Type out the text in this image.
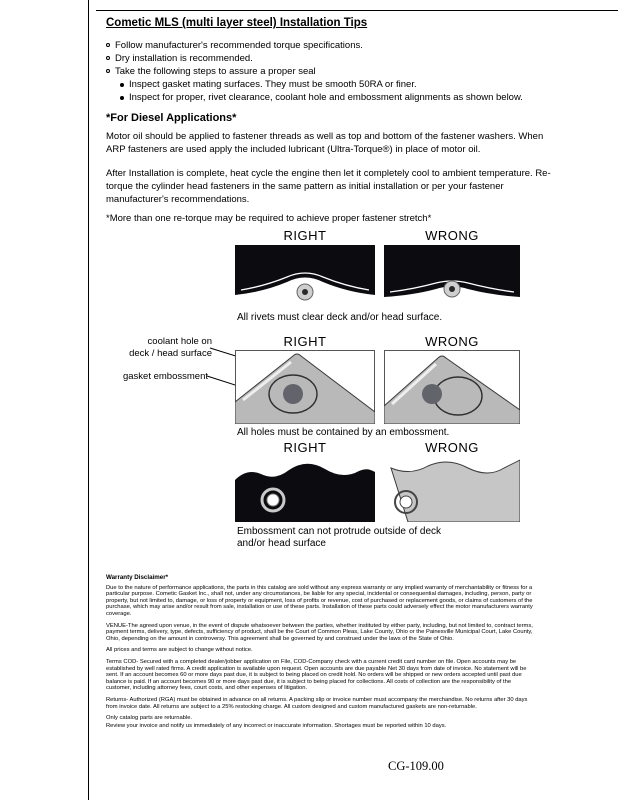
Cometic MLS (multi layer steel) Installation Tips
Follow manufacturer's recommended torque specifications.
Dry installation is recommended.
Take the following steps to assure a proper seal
Inspect gasket mating surfaces. They must be smooth 50RA or finer.
Inspect for proper, rivet clearance, coolant hole and embossment alignments as shown below.
*For Diesel Applications*

Motor oil should be applied to fastener threads as well as top and bottom of the fastener washers. When ARP fasteners are used apply the included lubricant (Ultra-Torque®) in place of motor oil.

After Installation is complete, heat cycle the engine then let it completely cool to ambient temperature. Re-torque the cylinder head fasteners in the same pattern as initial installation or per your fastener manufacturer's recommendations.

*More than one re-torque may be required to achieve proper fastener stretch*
RIGHT	WRONG
All rivets must clear deck and/or head surface.
RIGHT	WRONG
coolant hole on
deck / head surface
gasket embossment
All holes must be contained by an embossment.
RIGHT	WRONG
Embossment can not protrude outside of deck and/or head surface
Warranty Disclaimer*

Due to the nature of performance applications, the parts in this catalog are sold without any express warranty or any implied warranty of merchantability or fitness for a particular purpose. Cometic Gasket Inc., shall not, under any circumstances, be liable for any special, incidental or consequential damages, including, person, party or property, but not limited to, damage, or loss of property or equipment, loss of profits or revenue, cost of purchased or replacement goods, or claims of customers of the purchase, which may arise and/or result from sale, installation or use of these parts. Installation of these parts could adversely effect the motor manufacturers warranty coverage.

VENUE-The agreed upon venue, in the event of dispute whatsoever between the parties, whether instituted by either party, including, but not limited to, contract terms, payment terms, delivery, type, defects, sufficiency of product, shall be the Court of Common Pleas, Lake County, Ohio or the Painesville Municipal Court, Lake County, Ohio, depending on the amount in controversy. This agreement shall be governed by and construed under the laws of the State of Ohio.

All prices and terms are subject to change without notice.

Terms COD- Secured with a completed dealer/jobber application on File, COD-Company check with a current credit card number on file. Open accounts may be established by well rated firms. A credit application is available upon request. Open accounts are due payable Net 30 days from date of invoice. No statement will be sent. If an account becomes 60 or more days past due, it is subject to being placed on credit hold. No orders will be shipped or new orders accepted until past due balance is paid. If an account becomes 90 or more days past due, it is subject to being placed for collections. All costs of collection are the responsibility of the customer, including attorney fees, court costs, and other expenses of litigation.

Returns- Authorized (RGA) must be obtained in advance on all returns. A packing slip or invoice number must accompany the merchandise. No returns after 30 days from invoice date. All returns are subject to a 25% restocking charge. All custom designed and custom manufactured gaskets are non-returnable.

Only catalog parts are returnable.

Review your invoice and notify us immediately of any incorrect or inaccurate information. Shortages must be reported within 10 days.

CG-109.00
